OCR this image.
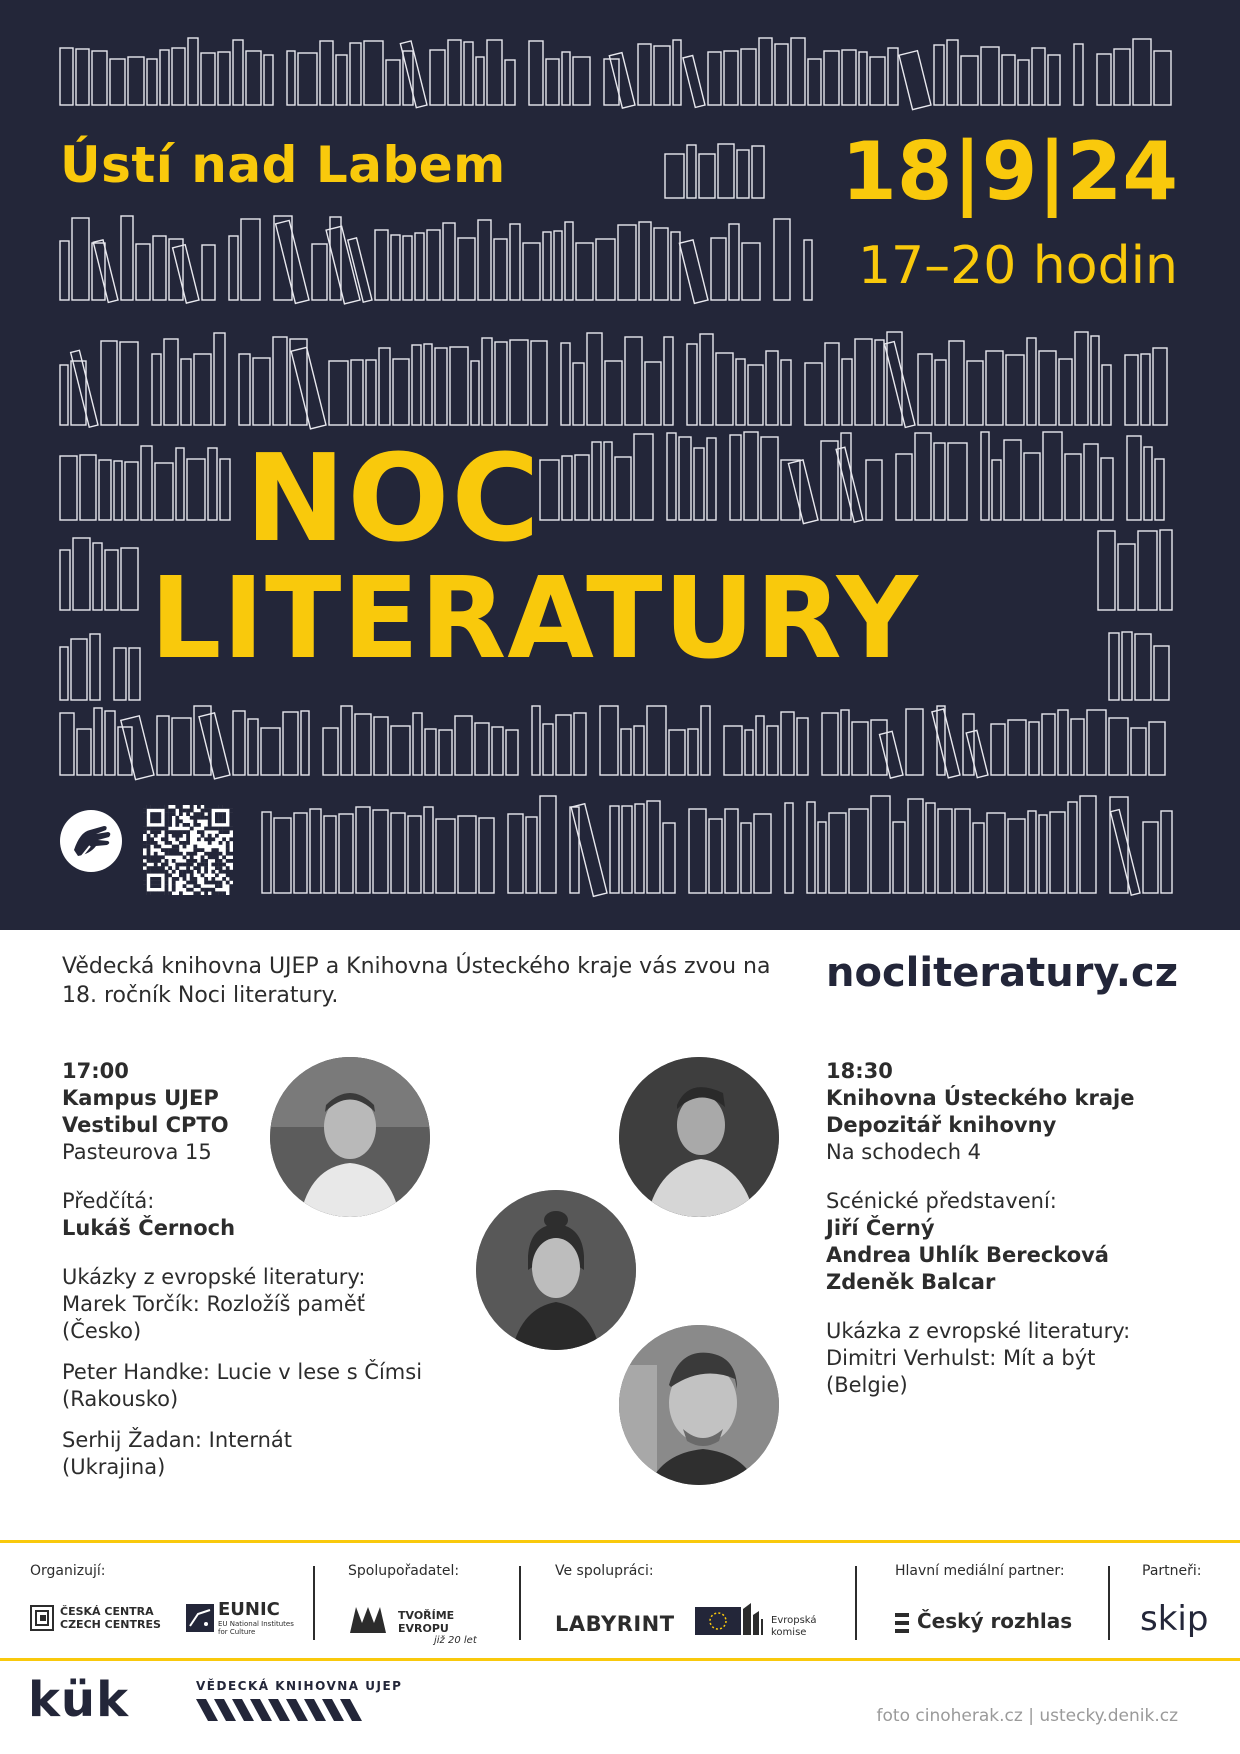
Ústí nad Labem	18|9|24
17–20 hodin
NOC
LITERATURY
Vědecká knihovna UJEP a Knihovna Ústeckého kraje vás zvou na 18. ročník Noci literatury.	nocliteratury.cz
17:00
Kampus UJEP
Vestibul CPTO
Pasteurova 15
Předčítá:
Lukáš Černoch
Ukázky z evropské literatury:
Marek Torčík: Rozložíš paměť
(Česko)
Peter Handke: Lucie v lese s Čímsi
(Rakousko)
Serhij Žadan: Internát
(Ukrajina)
18:30
Knihovna Ústeckého kraje
Depozitář knihovny
Na schodech 4
Scénické představení:
Jiří Černý
Andrea Uhlík Berecková
Zdeněk Balcar
Ukázka z evropské literatury:
Dimitri Verhulst: Mít a být
(Belgie)
Organizují:
ČESKÁ CENTRA
CZECH CENTRES
EUNIC
EU National Institutes
for Culture
Spolupořadatel:
TVOŘÍME EVROPU
již 20 let
Ve spolupráci:
LABYRINT	Evropská
komise
Hlavní mediální partner:
Český rozhlas
Partneři:
skip
kük	VĚDECKÁ KNIHOVNA UJEP
foto cinoherak.cz | ustecky.denik.cz
